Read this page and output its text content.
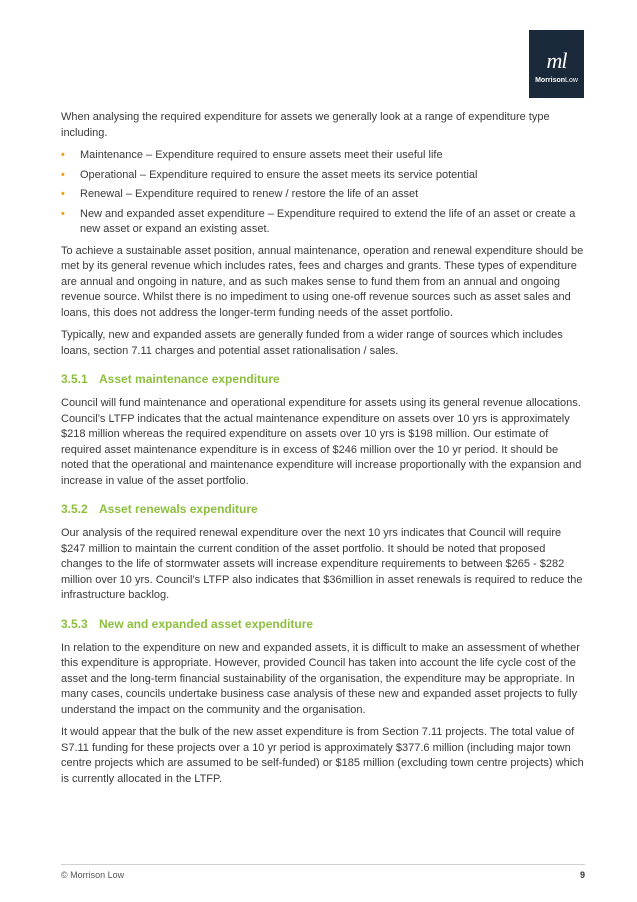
ml
MorrisonLow

When analysing the required expenditure for assets we generally look at a range of expenditure type including.

• Maintenance – Expenditure required to ensure assets meet their useful life
• Operational – Expenditure required to ensure the asset meets its service potential
• Renewal – Expenditure required to renew / restore the life of an asset
• New and expanded asset expenditure – Expenditure required to extend the life of an asset or create a new asset or expand an existing asset.

To achieve a sustainable asset position, annual maintenance, operation and renewal expenditure should be met by its general revenue which includes rates, fees and charges and grants. These types of expenditure are annual and ongoing in nature, and as such makes sense to fund them from an annual and ongoing revenue source. Whilst there is no impediment to using one-off revenue sources such as asset sales and loans, this does not address the longer-term funding needs of the asset portfolio.

Typically, new and expanded assets are generally funded from a wider range of sources which includes loans, section 7.11 charges and potential asset rationalisation / sales.

3.5.1 Asset maintenance expenditure

Council will fund maintenance and operational expenditure for assets using its general revenue allocations. Council’s LTFP indicates that the actual maintenance expenditure on assets over 10 yrs is approximately $218 million whereas the required expenditure on assets over 10 yrs is $198 million. Our estimate of required asset maintenance expenditure is in excess of $246 million over the 10 yr period. It should be noted that the operational and maintenance expenditure will increase proportionally with the expansion and increase in value of the asset portfolio.

3.5.2 Asset renewals expenditure

Our analysis of the required renewal expenditure over the next 10 yrs indicates that Council will require $247 million to maintain the current condition of the asset portfolio. It should be noted that proposed changes to the life of stormwater assets will increase expenditure requirements to between $265 - $282 million over 10 yrs. Council’s LTFP also indicates that $36million in asset renewals is required to reduce the infrastructure backlog.

3.5.3 New and expanded asset expenditure

In relation to the expenditure on new and expanded assets, it is difficult to make an assessment of whether this expenditure is appropriate. However, provided Council has taken into account the life cycle cost of the asset and the long-term financial sustainability of the organisation, the expenditure may be appropriate. In many cases, councils undertake business case analysis of these new and expanded asset projects to fully understand the impact on the community and the organisation.

It would appear that the bulk of the new asset expenditure is from Section 7.11 projects. The total value of S7.11 funding for these projects over a 10 yr period is approximately $377.6 million (including major town centre projects which are assumed to be self-funded) or $185 million (excluding town centre projects) which is currently allocated in the LTFP.

© Morrison Low	9
